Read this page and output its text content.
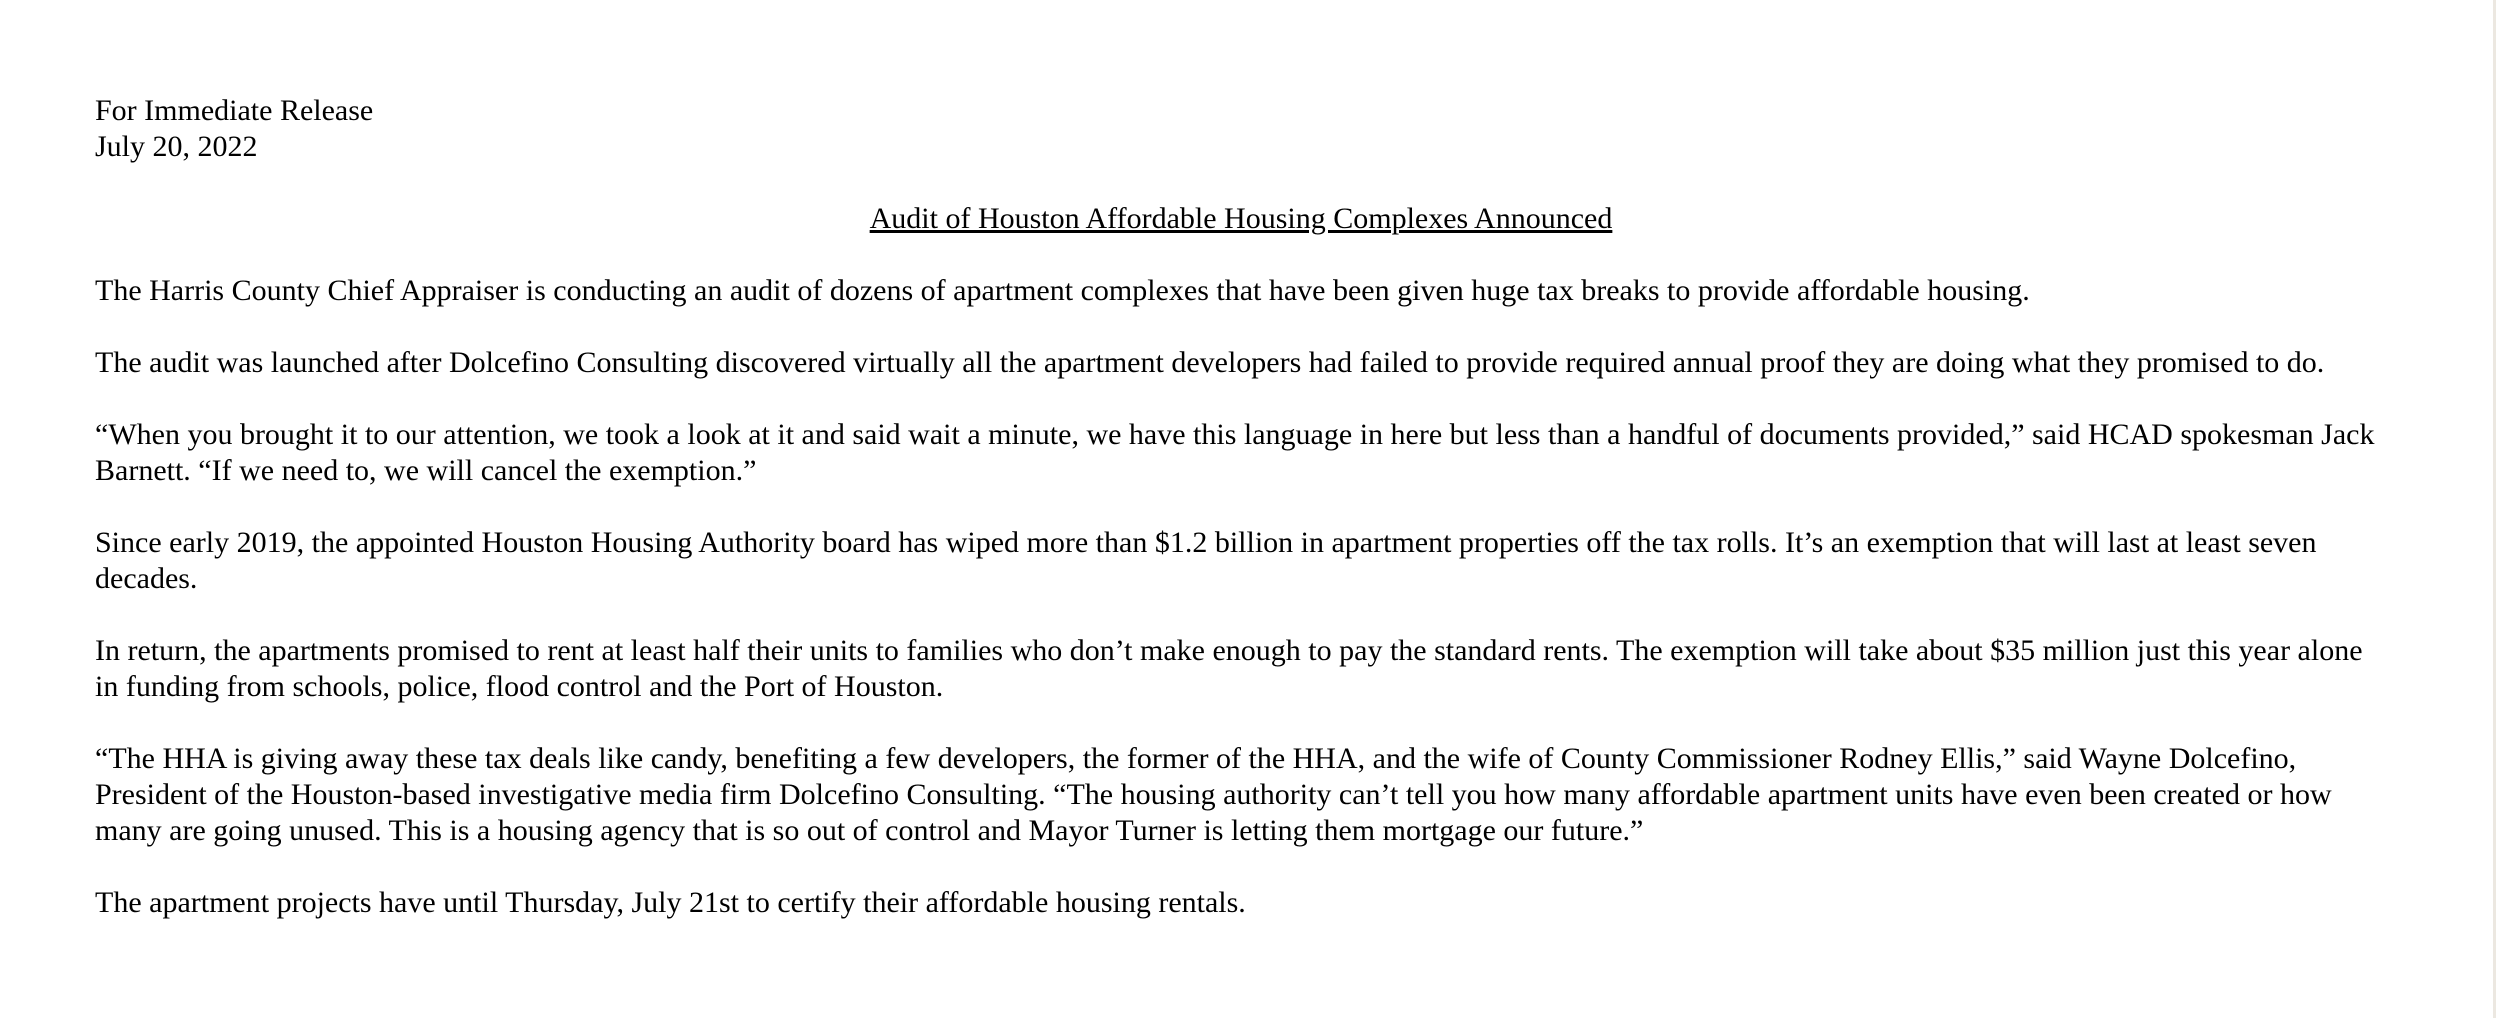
For Immediate Release
July 20, 2022
Audit of Houston Affordable Housing Complexes Announced

The Harris County Chief Appraiser is conducting an audit of dozens of apartment complexes that have been given huge tax breaks to provide affordable housing.

The audit was launched after Dolcefino Consulting discovered virtually all the apartment developers had failed to provide required annual proof they are doing what they promised to do.

“When you brought it to our attention, we took a look at it and said wait a minute, we have this language in here but less than a handful of documents provided,” said HCAD spokesman Jack Barnett. “If we need to, we will cancel the exemption.”

Since early 2019, the appointed Houston Housing Authority board has wiped more than $1.2 billion in apartment properties off the tax rolls. It’s an exemption that will last at least seven decades.

In return, the apartments promised to rent at least half their units to families who don’t make enough to pay the standard rents. The exemption will take about $35 million just this year alone in funding from schools, police, flood control and the Port of Houston.

“The HHA is giving away these tax deals like candy, benefiting a few developers, the former of the HHA, and the wife of County Commissioner Rodney Ellis,” said Wayne Dolcefino, President of the Houston-based investigative media firm Dolcefino Consulting. “The housing authority can’t tell you how many affordable apartment units have even been created or how many are going unused. This is a housing agency that is so out of control and Mayor Turner is letting them mortgage our future.”

The apartment projects have until Thursday, July 21st to certify their affordable housing rentals.
